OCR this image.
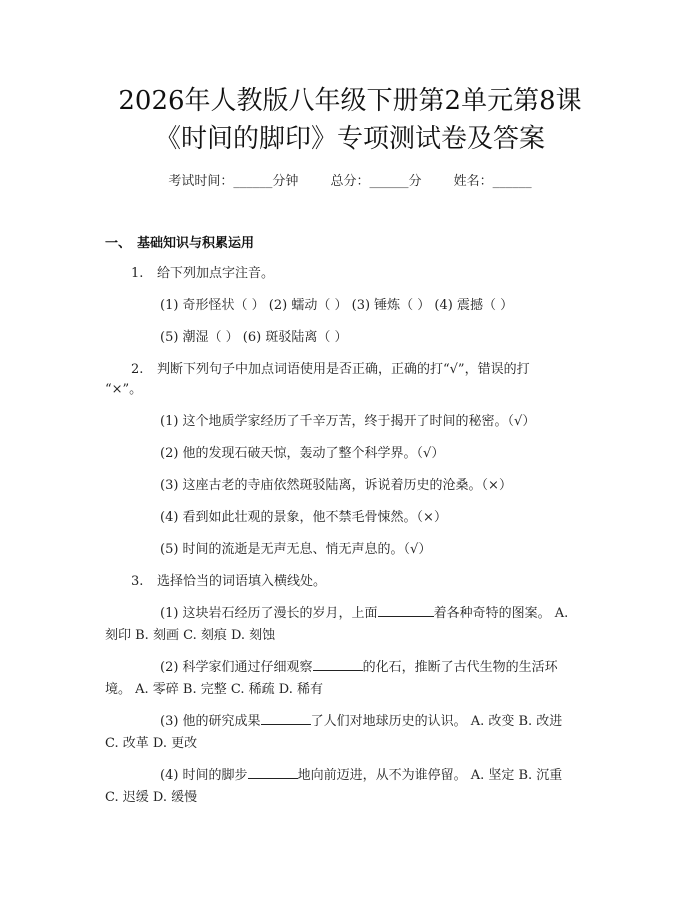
2026年人教版八年级下册第2单元第8课
《时间的脚印》专项测试卷及答案
考试时间：______分钟 总分：______分 姓名：______
一、 基础知识与积累运用
1. 给下列加点字注音。
(1) 奇形怪状（ ） (2) 蠕动（ ） (3) 锤炼（ ） (4) 震撼（ ）
(5) 潮湿（ ） (6) 斑驳陆离（ ）
2. 判断下列句子中加点词语使用是否正确，正确的打“√”，错误的打
“×”。
(1) 这个地质学家经历了千辛万苦，终于揭开了时间的秘密。（√）
(2) 他的发现石破天惊，轰动了整个科学界。（√）
(3) 这座古老的寺庙依然斑驳陆离，诉说着历史的沧桑。（×）
(4) 看到如此壮观的景象，他不禁毛骨悚然。（×）
(5) 时间的流逝是无声无息、悄无声息的。（√）
3. 选择恰当的词语填入横线处。
(1) 这块岩石经历了漫长的岁月，上面	着各种奇特的图案。 A.
刻印 B. 刻画 C. 刻痕 D. 刻蚀
(2) 科学家们通过仔细观察	的化石，推断了古代生物的生活环
境。 A. 零碎 B. 完整 C. 稀疏 D. 稀有
(3) 他的研究成果	了人们对地球历史的认识。 A. 改变 B. 改进
C. 改革 D. 更改
(4) 时间的脚步	地向前迈进，从不为谁停留。 A. 坚定 B. 沉重
C. 迟缓 D. 缓慢
